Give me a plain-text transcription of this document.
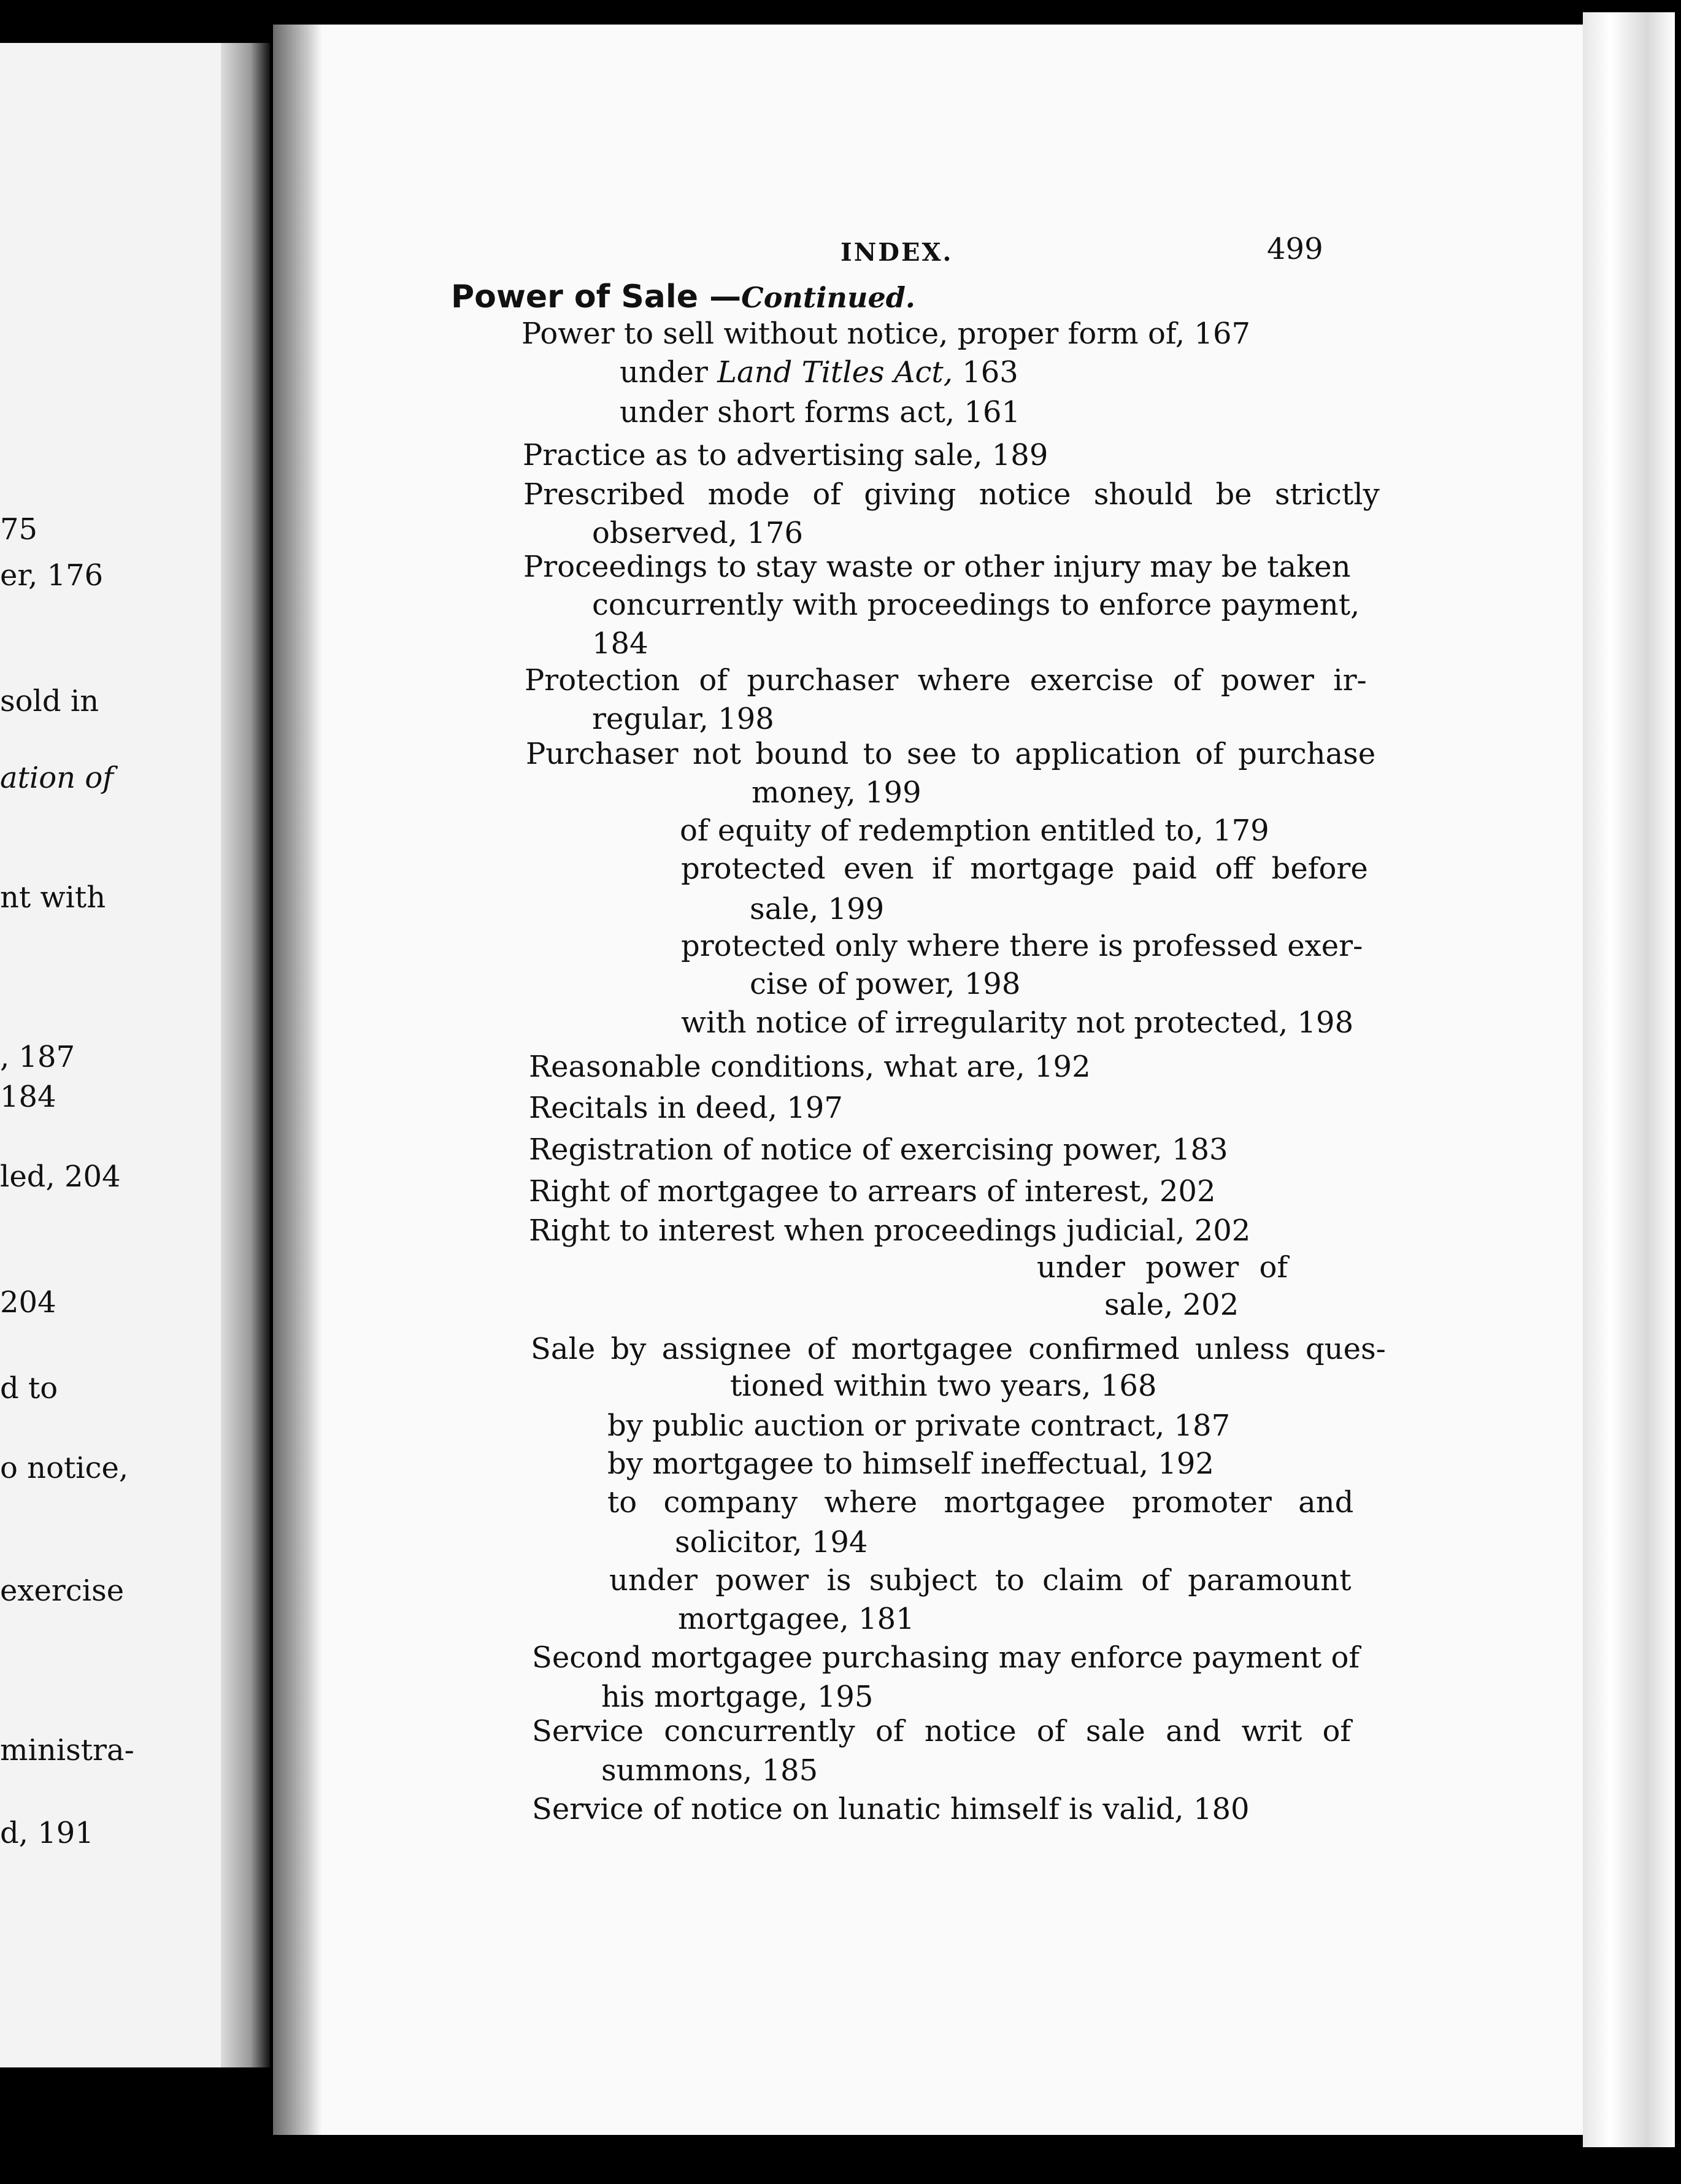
75
er, 176
sold in
ation of
nt with
, 187
184
led, 204
204
d to
o notice,
exercise
ministra-
d, 191
INDEX.	499
Power of Sale —Continued.
Power to sell without notice, proper form of, 167
under Land Titles Act, 163
under short forms act, 161
Practice as to advertising sale, 189
Prescribed mode of giving notice should be strictly
observed, 176
Proceedings to stay waste or other injury may be taken
concurrently with proceedings to enforce payment,
184
Protection of purchaser where exercise of power ir-
regular, 198
Purchaser not bound to see to application of purchase
money, 199
of equity of redemption entitled to, 179
protected even if mortgage paid off before
sale, 199
protected only where there is professed exer-
cise of power, 198
with notice of irregularity not protected, 198
Reasonable conditions, what are, 192
Recitals in deed, 197
Registration of notice of exercising power, 183
Right of mortgagee to arrears of interest, 202
Right to interest when proceedings judicial, 202
under power of
sale, 202
Sale by assignee of mortgagee confirmed unless ques-
tioned within two years, 168
by public auction or private contract, 187
by mortgagee to himself ineffectual, 192
to company where mortgagee promoter and
solicitor, 194
under power is subject to claim of paramount
mortgagee, 181
Second mortgagee purchasing may enforce payment of
his mortgage, 195
Service concurrently of notice of sale and writ of
summons, 185
Service of notice on lunatic himself is valid, 180
